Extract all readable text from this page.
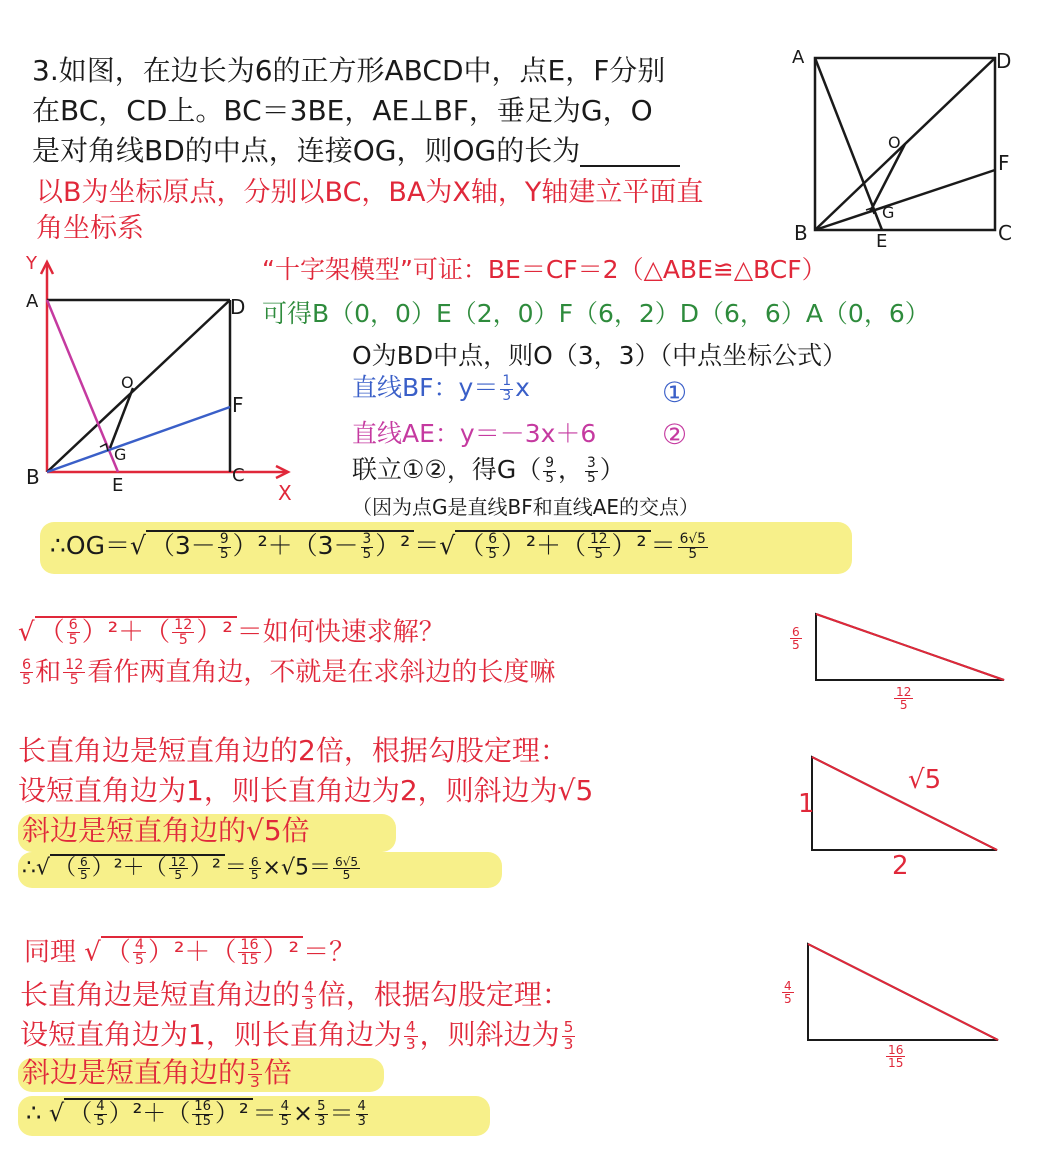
3.如图，在边长为6的正方形ABCD中，点E，F分别
在BC，CD上。BC＝3BE，AE⊥BF，垂足为G，O
是对角线BD的中点，连接OG，则OG的长为
以B为坐标原点，分别以BC，BA为X轴，Y轴建立平面直
角坐标系
A	D
B	C
E
F
G
O
Y
X
A	D
B	C
E
F
G
O
“十字架模型”可证：BE＝CF＝2（△ABE≌△BCF）
可得B（0，0）E（2，0）F（6，2）D（6，6）A（0，6）
O为BD中点，则O（3，3）（中点坐标公式）
直线BF：$y= \frac{1}{3}$ x	①
直线AE：y＝－3x＋6 ②
联立①②，得$G( \frac{9}{5}$ ， $\frac{3}{5}$ ）
（因为点G是直线BF和直线AE的交点）
∴OG＝√ $(3- \frac{9}{5} )^2+(3- \frac{3}{5} )^2$ ＝√ （ $\frac{6}{5} )^2+( \frac{12}{5} )^2 = \frac{6√5}{5}$
√ （ $\frac{6}{5} )^2+( \frac{12}{5} )^2$ ＝如何快速求解？
$\frac{6}{5}$ 和 $\frac{12}{5}$ 看作两直角边，不就是在求斜边的长度嘛
长直角边是短直角边的2倍，根据勾股定理：
设短直角边为1，则长直角边为2，则斜边为√5
斜边是短直角边的√5倍
∴√ （ $\frac{6}{5} )^2+( \frac{12}{5} )^2 = \frac{6}{5} \times√5= \frac{6√5}{5}$
同理 √ （ $\frac{4}{5} )^2+( \frac{16}{15} )^2$ ＝？
长直角边是短直角边的 $\frac{4}{3}$ 倍，根据勾股定理：
设短直角边为1，则长直角边为 $\frac{4}{3}$ ，则斜边为 $\frac{5}{3}$
斜边是短直角边的 $\frac{5}{3}$ 倍
∴ √ （ $\frac{4}{5} )^2+( \frac{16}{15} )^2 = \frac{4}{5} \times \frac{5}{3} = \frac{4}{3}$
$\frac{6}{5}$
$\frac{12}{5}$
1
2
√5
$\frac{4}{5}$
$\frac{16}{15}$
